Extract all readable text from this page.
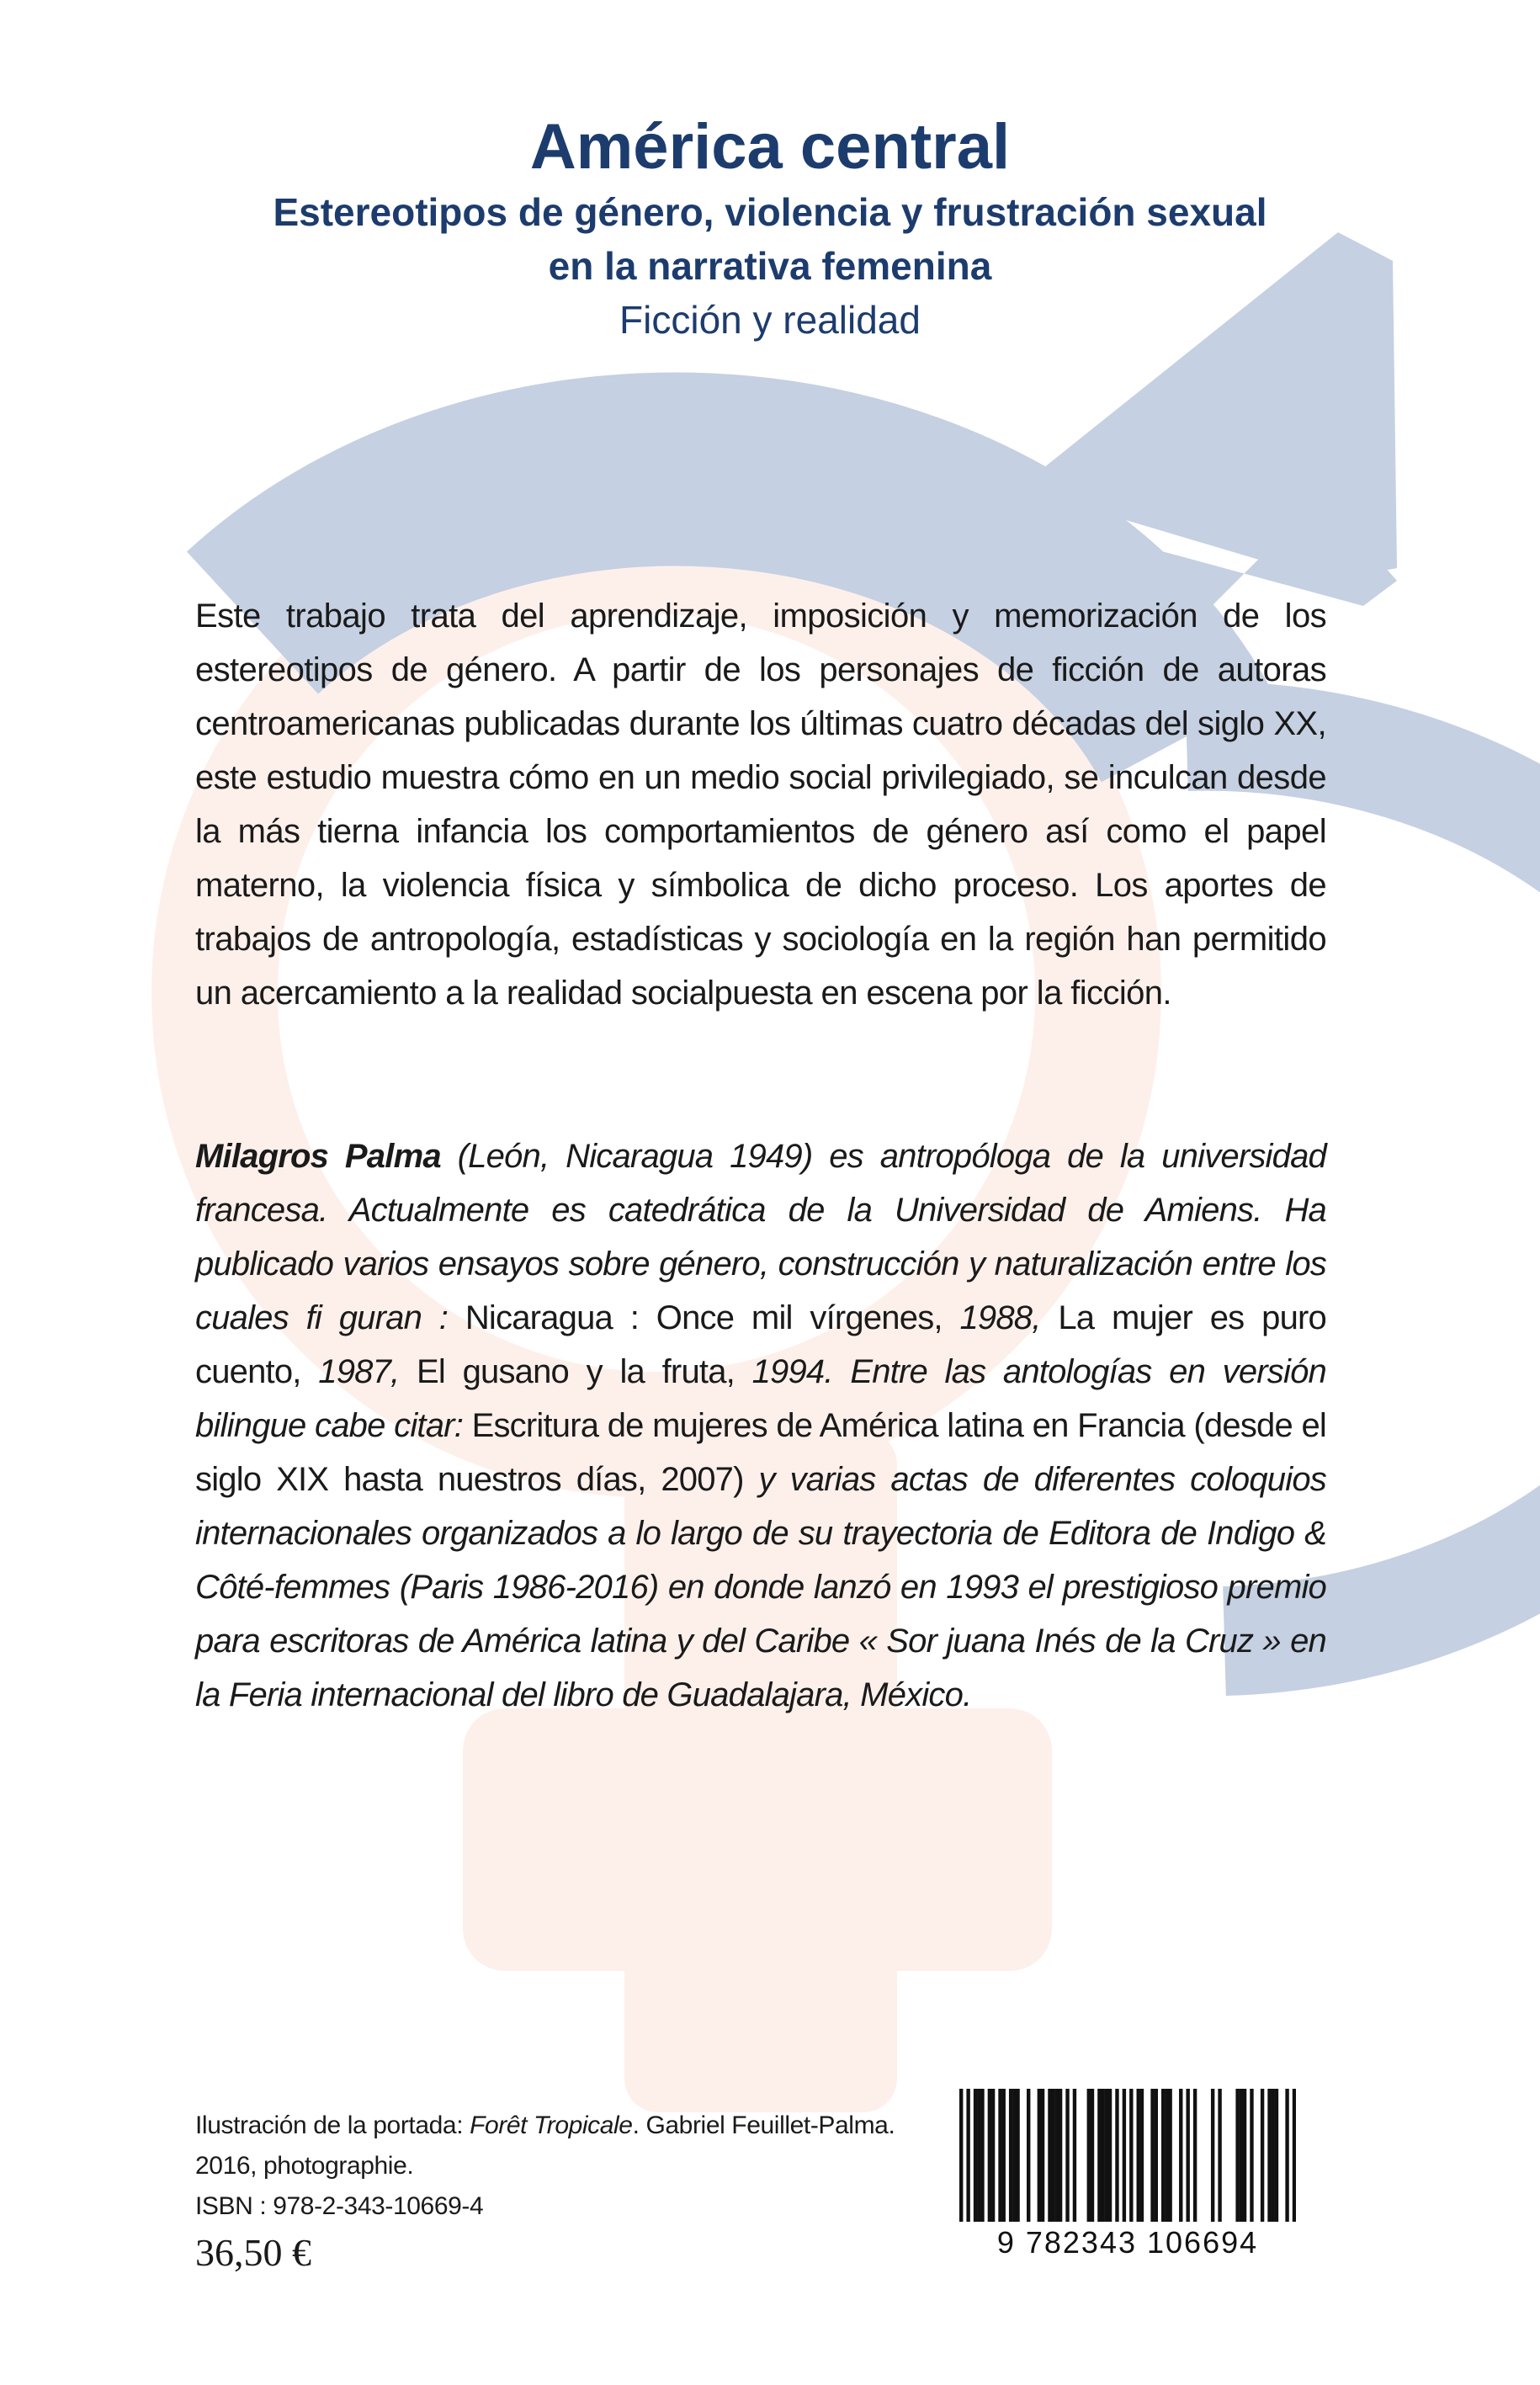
América central
Estereotipos de género, violencia y frustración sexual
en la narrativa femenina
Ficción y realidad
Este trabajo trata del aprendizaje, imposición y memorización de los estereotipos de género. A partir de los personajes de ficción de autoras centroamericanas publicadas durante los últimas cuatro décadas del siglo XX, este estudio muestra cómo en un medio social privilegiado, se inculcan desde la más tierna infancia los comportamientos de género así como el papel materno, la violencia física y símbolica de dicho proceso. Los aportes de trabajos de antropología, estadísticas y sociología en la región han permitido un acercamiento a la realidad socialpuesta en escena por la ficción.
Milagros Palma (León, Nicaragua 1949) es antropóloga de la universidad francesa. Actualmente es catedrática de la Universidad de Amiens. Ha publicado varios ensayos sobre género, construcción y naturalización entre los cuales fi guran : Nicaragua : Once mil vírgenes, 1988, La mujer es puro cuento, 1987, El gusano y la fruta, 1994. Entre las antologías en versión bilingue cabe citar: Escritura de mujeres de América latina en Francia (desde el siglo XIX hasta nuestros días, 2007) y varias actas de diferentes coloquios internacionales organizados a lo largo de su trayectoria de Editora de Indigo & Côté-femmes (Paris 1986-2016) en donde lanzó en 1993 el prestigioso premio para escritoras de América latina y del Caribe « Sor juana Inés de la Cruz » en la Feria internacional del libro de Guadalajara, México.
Ilustración de la portada: Forêt Tropicale. Gabriel Feuillet-Palma.
2016, photographie.
ISBN : 978-2-343-10669-4
36,50 €	9 782343 106694
